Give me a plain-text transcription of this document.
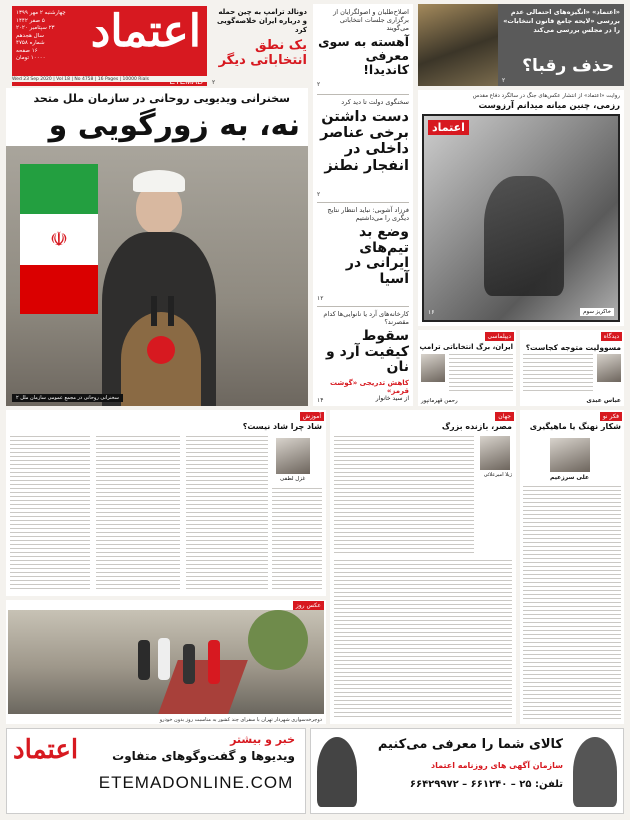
اعتماد
چهارشنبه ۲ مهر ۱۳۹۹
۵ صفر ۱۴۴۲
۲۳ سپتامبر ۲۰۲۰
سال هجدهم
شماره ۴۷۵۸
۱۶ صفحه
۱۰۰۰۰ تومان
Wed 23 Sep 2020 | Vol 18 | No 4758 | 16 Pages | 10000 Rials
دونالد ترامپ به چین حمله و درباره ایران خلاصه‌گویی کرد
یک نطق انتخاباتی دیگر
۲
سخنرانی ویدیویی روحانی در سازمان ملل متحد
نه، به زورگویی و
☫
سخنرانی روحانی در مجمع عمومی سازمان ملل ۲
اصلاح‌طلبان و اصولگرایان از برگزاری جلسات انتخاباتی می‌گویند
آهسته به سوی معرفی کاندیدا!
۲
سخنگوی دولت تا دید کرد
دست داشتن برخی عناصر داخلی در انفجار نطنز
۲
فرزاد آشوبی: نباید انتظار نتایج دیگری را می‌داشتیم
وضع بد تیم‌های ایرانی در آسیا
۱۲
کارخانه‌های آرد یا نانوایی‌ها کدام مقصرند؟
سقوط کیفیت آرد و نان
کاهش تدریجی «گوشت قرمز»
از سید خانوار
۱۴
«اعتماد» «انگیزه‌های احتمالی عدم بررسی «لایحه جامع قانون انتخابات» را در مجلس بررسی می‌کند
حذف رقبا؟
۲
روایت «اعتماد» از انتشار عکس‌های جنگ در سالگرد دفاع مقدس
رزمی، چنین میانه میدانم آرزوست
اعتماد
خاکریز سوم
۱۶
دیدگاه
مسوولیت متوجه کجاست؟
عباس عبدی
دیپلماسی
ایران، برگ انتخاباتی ترامپ
رحمن قهرمانپور
فکر نو
شکار نهنگ یا ماهیگیری
علی سرزعیم
جهان
مصر، بازنده بزرگ
ژیلا امیرعلائی
آموزش
شاد چرا شاد نیست؟
غزل لطفی
عکس روز
دوچرخه‌سواری شهردار تهران با سفرای چند کشور به مناسبت روز بدون خودرو
اعتماد	خبر و بیشتر
ویدیوها و گفت‌وگوهای متفاوت
ETEMADONLINE.COM
کالای شما را معرفی می‌کنیم
سازمان آگهی های روزنامه اعتماد
تلفن: ۲۵ – ۶۶۱۲۴۰ – ۶۶۴۲۹۹۷۲
